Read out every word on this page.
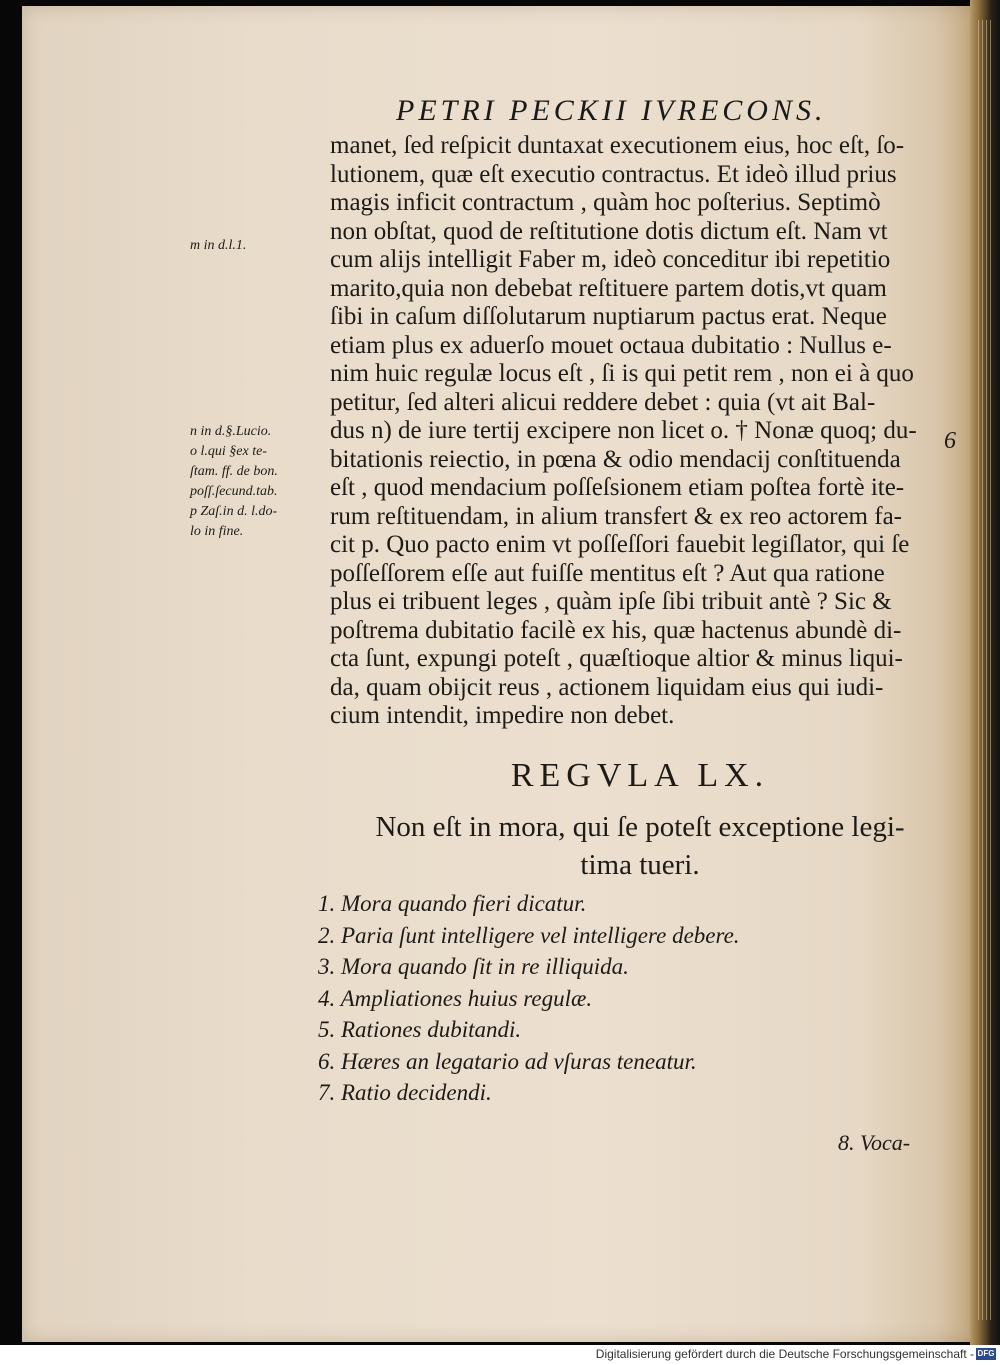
PETRI PECKII IVRECONS.
manet, ſed reſpicit duntaxat executionem eius, hoc eſt, ſo-
lutionem, quæ eſt executio contractus. Et ideò illud prius
magis inficit contractum , quàm hoc poſterius. Septimò
non obſtat, quod de reſtitutione dotis dictum eſt. Nam vt
cum alijs intelligit Faber m, ideò conceditur ibi repetitio
marito,quia non debebat reſtituere partem dotis,vt quam
ſibi in caſum diſſolutarum nuptiarum pactus erat. Neque
etiam plus ex aduerſo mouet octaua dubitatio : Nullus e-
nim huic regulæ locus eſt , ſi is qui petit rem , non ei à quo
petitur, ſed alteri alicui reddere debet : quia (vt ait Bal-
dus n) de iure tertij excipere non licet o. † Nonæ quoq; du-
bitationis reiectio, in pœna & odio mendacij conſtituenda
eſt , quod mendacium poſſeſsionem etiam poſtea fortè ite-
rum reſtituendam, in alium transfert & ex reo actorem fa-
cit p. Quo pacto enim vt poſſeſſori fauebit legiſlator, qui ſe
poſſeſſorem eſſe aut fuiſſe mentitus eſt ? Aut qua ratione
plus ei tribuent leges , quàm ipſe ſibi tribuit antè ? Sic &
poſtrema dubitatio facilè ex his, quæ hactenus abundè di-
cta ſunt, expungi poteſt , quæſtioque altior & minus liqui-
da, quam obijcit reus , actionem liquidam eius qui iudi-
cium intendit, impedire non debet.
m in d.l.1.
n in d.§.Lucio.
o l.qui §ex te-
ſtam. ff. de bon.
poſſ.ſecund.tab.
p Zaſ.in d. l.do-
lo in fine.
6
REGVLA LX.
Non eſt in mora, qui ſe poteſt exceptione legi-
tima tueri.
1. Mora quando fieri dicatur.
2. Paria ſunt intelligere vel intelligere debere.
3. Mora quando ſit in re illiquida.
4. Ampliationes huius regulæ.
5. Rationes dubitandi.
6. Hæres an legatario ad vſuras teneatur.
7. Ratio decidendi.
8. Voca-
Digitalisierung gefördert durch die Deutsche Forschungsgemeinschaft - DFG
